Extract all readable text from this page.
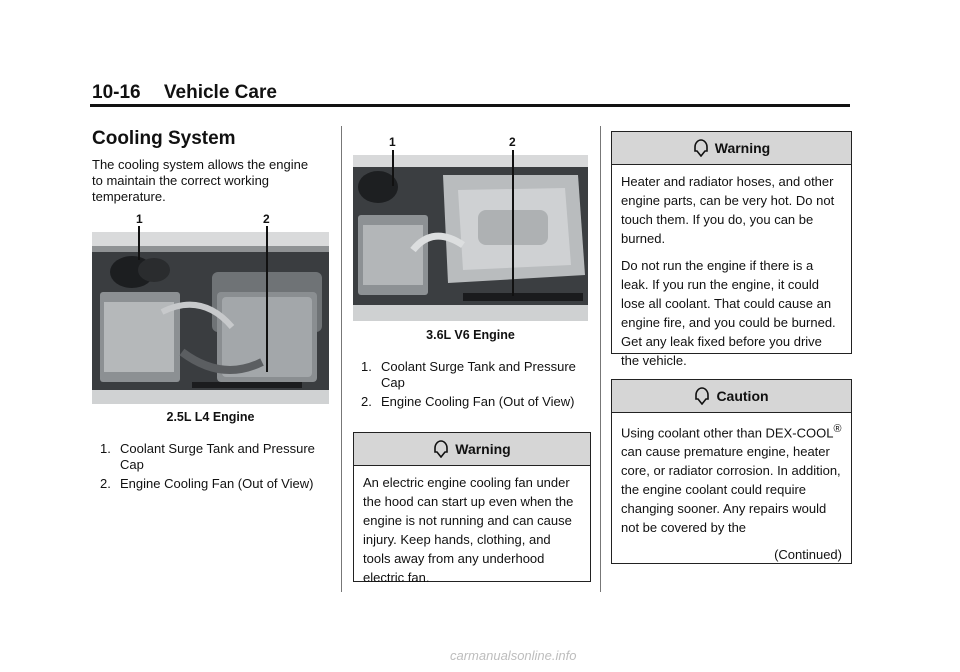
10-16 Vehicle Care
Cooling System
The cooling system allows the engine to maintain the correct working temperature.
1	2
2.5L L4 Engine
1. Coolant Surge Tank and Pressure Cap
2. Engine Cooling Fan (Out of View)
1	2
3.6L V6 Engine
1. Coolant Surge Tank and Pressure Cap
2. Engine Cooling Fan (Out of View)
Warning

An electric engine cooling fan under the hood can start up even when the engine is not running and can cause injury. Keep hands, clothing, and tools away from any underhood electric fan.

Warning

Heater and radiator hoses, and other engine parts, can be very hot. Do not touch them. If you do, you can be burned.

Do not run the engine if there is a leak. If you run the engine, it could lose all coolant. That could cause an engine fire, and you could be burned. Get any leak fixed before you drive the vehicle.

Caution

Using coolant other than DEX-COOL® can cause premature engine, heater core, or radiator corrosion. In addition, the engine coolant could require changing sooner. Any repairs would not be covered by the

(Continued)
carmanualsonline.info
